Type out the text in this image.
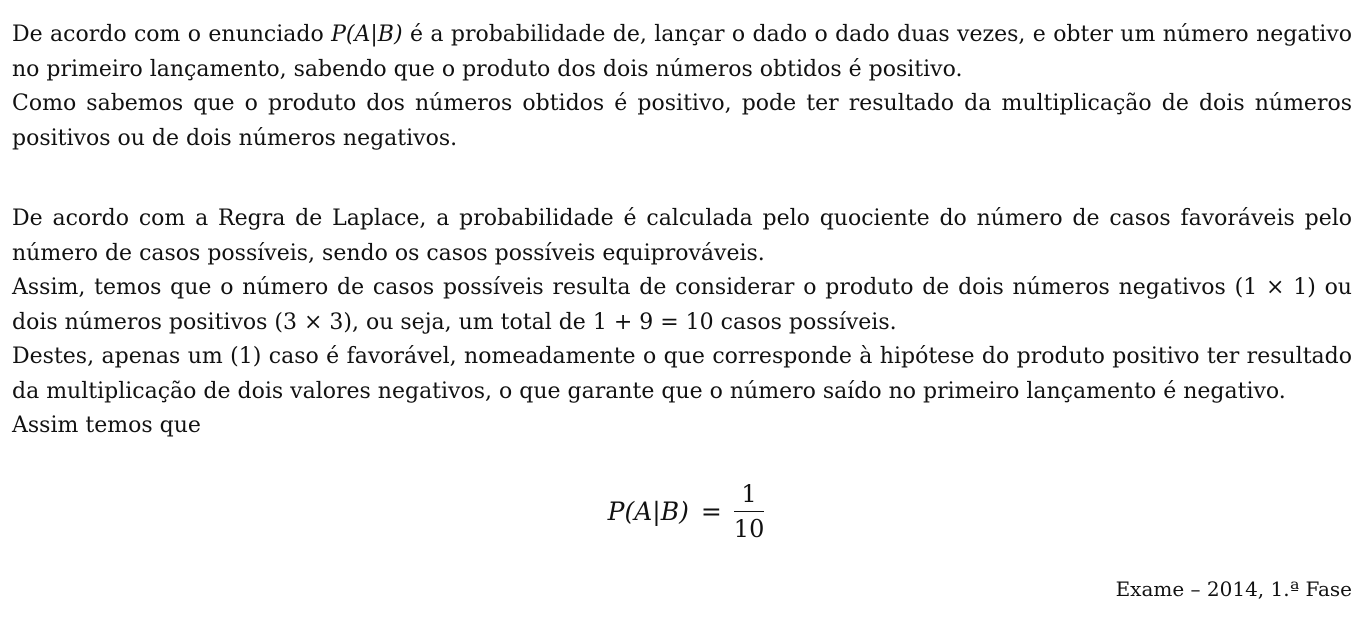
De acordo com o enunciado P(A|B) é a probabilidade de, lançar o dado o dado duas vezes, e obter um número negativo no primeiro lançamento, sabendo que o produto dos dois números obtidos é positivo.

Como sabemos que o produto dos números obtidos é positivo, pode ter resultado da multiplicação de dois números positivos ou de dois números negativos.

De acordo com a Regra de Laplace, a probabilidade é calculada pelo quociente do número de casos favoráveis pelo número de casos possíveis, sendo os casos possíveis equiprováveis.

Assim, temos que o número de casos possíveis resulta de considerar o produto de dois números negativos (1 × 1) ou dois números positivos (3 × 3), ou seja, um total de 1 + 9 = 10 casos possíveis.

Destes, apenas um (1) caso é favorável, nomeadamente o que corresponde à hipótese do produto positivo ter resultado da multiplicação de dois valores negativos, o que garante que o número saído no primeiro lançamento é negativo.

Assim temos que

$P(A|B) = \frac{1}{10}$
Exame – 2014, 1.ª Fase
